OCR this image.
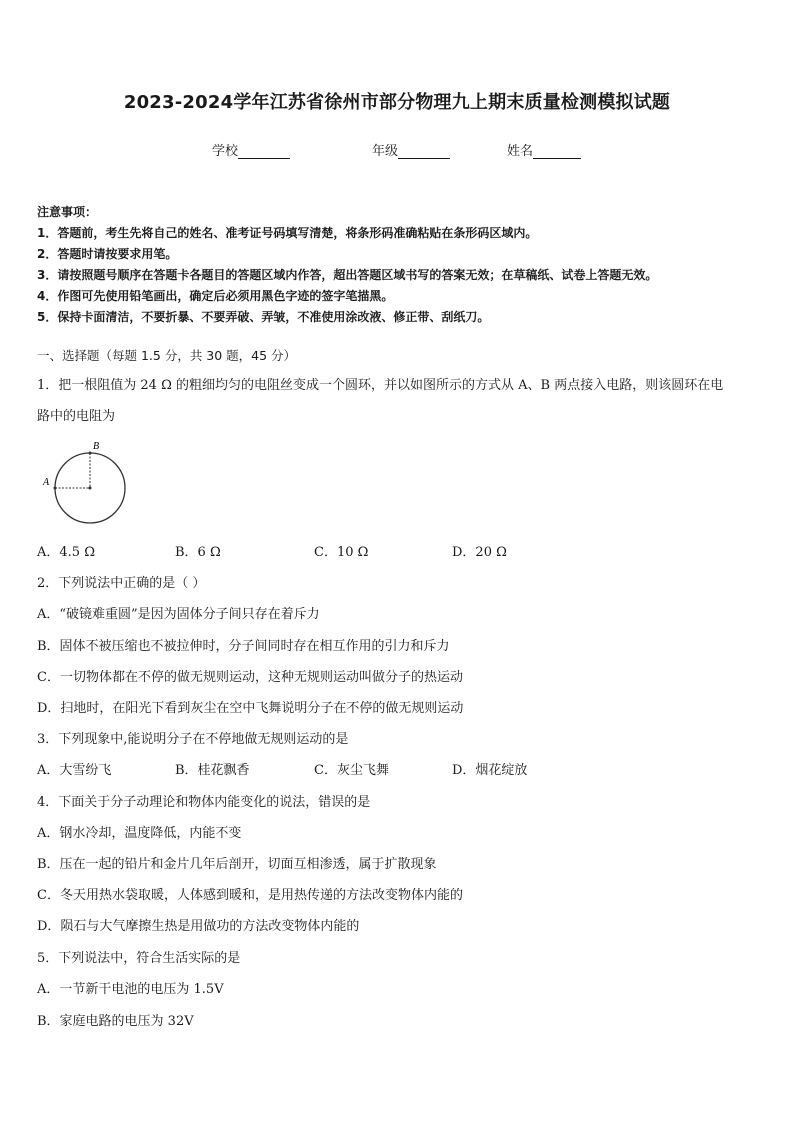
2023-2024学年江苏省徐州市部分物理九上期末质量检测模拟试题
学校	年级	姓名
注意事项：
1．答题前，考生先将自己的姓名、准考证号码填写清楚，将条形码准确粘贴在条形码区域内。
2．答题时请按要求用笔。
3．请按照题号顺序在答题卡各题目的答题区域内作答，超出答题区域书写的答案无效；在草稿纸、试卷上答题无效。
4．作图可先使用铅笔画出，确定后必须用黑色字迹的签字笔描黑。
5．保持卡面清洁，不要折暴、不要弄破、弄皱，不准使用涂改液、修正带、刮纸刀。
一、选择题（每题 1.5 分，共 30 题，45 分）
1．把一根阻值为 24 Ω 的粗细均匀的电阻丝变成一个圆环，并以如图所示的方式从 A、B 两点接入电路，则该圆环在电
路中的电阻为
A
B
A．4.5 Ω	B．6 Ω	C．10 Ω	D．20 Ω
2．下列说法中正确的是（ ）
A．“破镜难重圆”是因为固体分子间只存在着斥力
B．固体不被压缩也不被拉伸时，分子间同时存在相互作用的引力和斥力
C．一切物体都在不停的做无规则运动，这种无规则运动叫做分子的热运动
D．扫地时，在阳光下看到灰尘在空中飞舞说明分子在不停的做无规则运动
3．下列现象中,能说明分子在不停地做无规则运动的是
A．大雪纷飞	B．桂花飘香	C．灰尘飞舞	D．烟花绽放
4．下面关于分子动理论和物体内能变化的说法，错误的是
A．钢水冷却，温度降低，内能不变
B．压在一起的铅片和金片几年后剖开，切面互相渗透，属于扩散现象
C．冬天用热水袋取暖，人体感到暖和，是用热传递的方法改变物体内能的
D．陨石与大气摩擦生热是用做功的方法改变物体内能的
5．下列说法中，符合生活实际的是
A．一节新干电池的电压为 1.5V
B．家庭电路的电压为 32V
